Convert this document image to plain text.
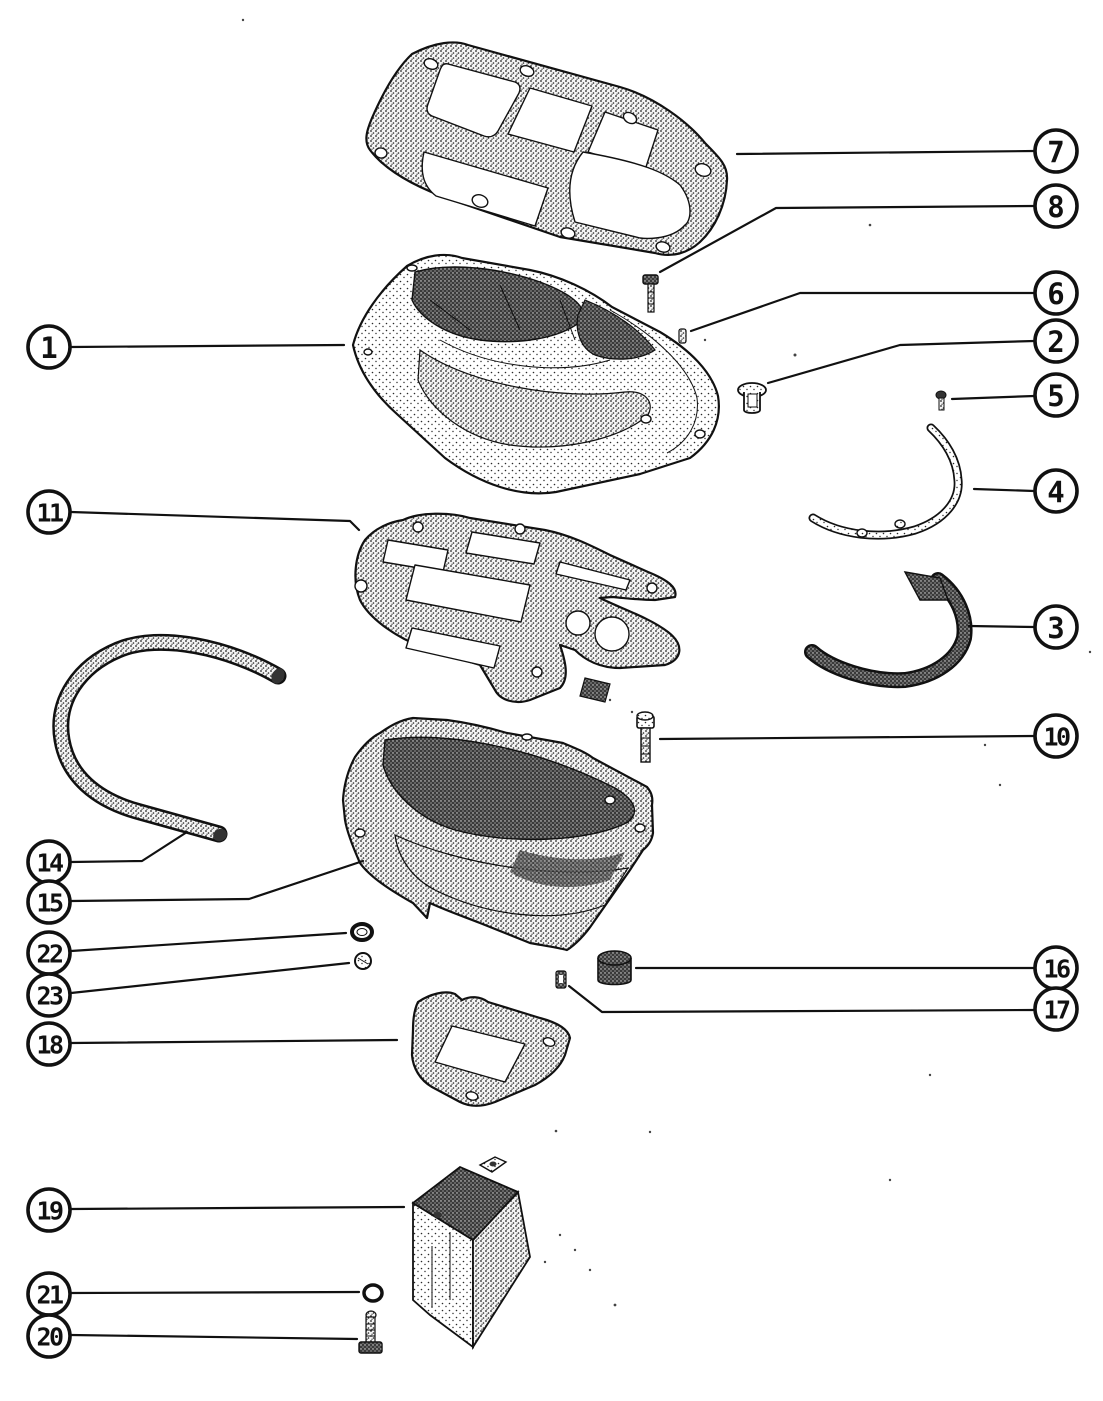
7
8
6
2
5
4
3
10
16
17
1
11
14
15
22
23
18
19
21
20
